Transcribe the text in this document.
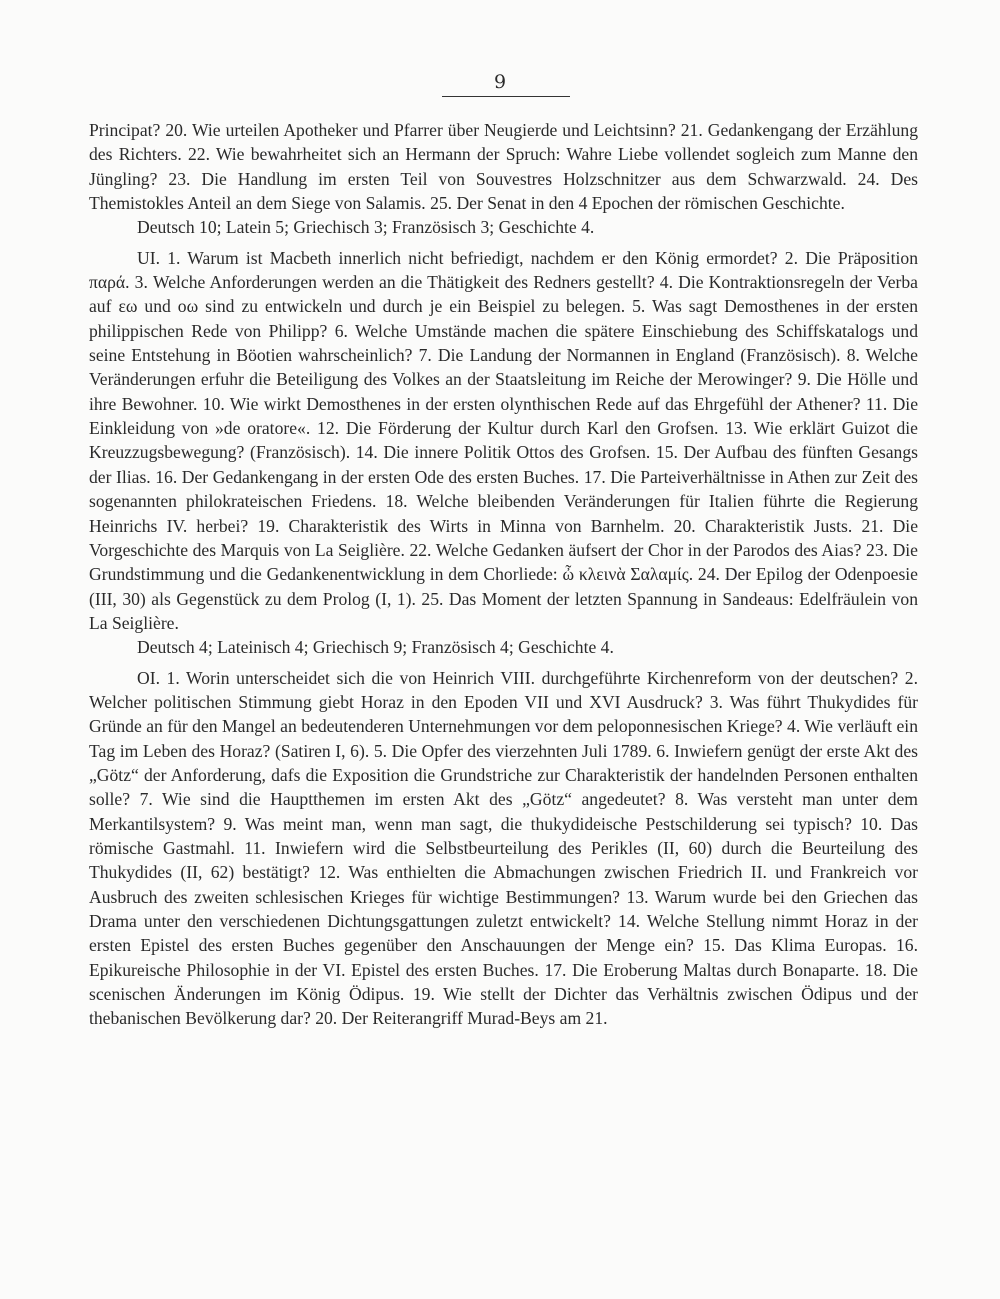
9

Principat? 20. Wie urteilen Apotheker und Pfarrer über Neugierde und Leichtsinn? 21. Gedankengang der Erzählung des Richters. 22. Wie bewahrheitet sich an Hermann der Spruch: Wahre Liebe vollendet sogleich zum Manne den Jüngling? 23. Die Handlung im ersten Teil von Souvestres Holzschnitzer aus dem Schwarzwald. 24. Des Themistokles Anteil an dem Siege von Salamis. 25. Der Senat in den 4 Epochen der römischen Geschichte.

Deutsch 10; Latein 5; Griechisch 3; Französisch 3; Geschichte 4.

UI. 1. Warum ist Macbeth innerlich nicht befriedigt, nachdem er den König ermordet? 2. Die Präposition παρά. 3. Welche Anforderungen werden an die Thätigkeit des Redners gestellt? 4. Die Kontraktionsregeln der Verba auf εω und οω sind zu entwickeln und durch je ein Beispiel zu belegen. 5. Was sagt Demosthenes in der ersten philippischen Rede von Philipp? 6. Welche Umstände machen die spätere Einschiebung des Schiffskatalogs und seine Entstehung in Böotien wahrscheinlich? 7. Die Landung der Normannen in England (Französisch). 8. Welche Veränderungen erfuhr die Beteiligung des Volkes an der Staatsleitung im Reiche der Merowinger? 9. Die Hölle und ihre Bewohner. 10. Wie wirkt Demosthenes in der ersten olynthischen Rede auf das Ehrgefühl der Athener? 11. Die Einkleidung von »de oratore«. 12. Die Förderung der Kultur durch Karl den Grofsen. 13. Wie erklärt Guizot die Kreuzzugsbewegung? (Französisch). 14. Die innere Politik Ottos des Grofsen. 15. Der Aufbau des fünften Gesangs der Ilias. 16. Der Gedankengang in der ersten Ode des ersten Buches. 17. Die Parteiverhältnisse in Athen zur Zeit des sogenannten philokrateischen Friedens. 18. Welche bleibenden Veränderungen für Italien führte die Regierung Heinrichs IV. herbei? 19. Charakteristik des Wirts in Minna von Barnhelm. 20. Charakteristik Justs. 21. Die Vorgeschichte des Marquis von La Seiglière. 22. Welche Gedanken äufsert der Chor in der Parodos des Aias? 23. Die Grundstimmung und die Gedankenentwicklung in dem Chorliede: ὦ κλεινὰ Σαλαμίς. 24. Der Epilog der Odenpoesie (III, 30) als Gegenstück zu dem Prolog (I, 1). 25. Das Moment der letzten Spannung in Sandeaus: Edelfräulein von La Seiglière.

Deutsch 4; Lateinisch 4; Griechisch 9; Französisch 4; Geschichte 4.

OI. 1. Worin unterscheidet sich die von Heinrich VIII. durchgeführte Kirchenreform von der deutschen? 2. Welcher politischen Stimmung giebt Horaz in den Epoden VII und XVI Ausdruck? 3. Was führt Thukydides für Gründe an für den Mangel an bedeutenderen Unternehmungen vor dem peloponnesischen Kriege? 4. Wie verläuft ein Tag im Leben des Horaz? (Satiren I, 6). 5. Die Opfer des vierzehnten Juli 1789. 6. Inwiefern genügt der erste Akt des „Götz“ der Anforderung, dafs die Exposition die Grundstriche zur Charakteristik der handelnden Personen enthalten solle? 7. Wie sind die Hauptthemen im ersten Akt des „Götz“ angedeutet? 8. Was versteht man unter dem Merkantilsystem? 9. Was meint man, wenn man sagt, die thukydideische Pestschilderung sei typisch? 10. Das römische Gastmahl. 11. Inwiefern wird die Selbstbeurteilung des Perikles (II, 60) durch die Beurteilung des Thukydides (II, 62) bestätigt? 12. Was enthielten die Abmachungen zwischen Friedrich II. und Frankreich vor Ausbruch des zweiten schlesischen Krieges für wichtige Bestimmungen? 13. Warum wurde bei den Griechen das Drama unter den verschiedenen Dichtungsgattungen zuletzt entwickelt? 14. Welche Stellung nimmt Horaz in der ersten Epistel des ersten Buches gegenüber den Anschauungen der Menge ein? 15. Das Klima Europas. 16. Epikureische Philosophie in der VI. Epistel des ersten Buches. 17. Die Eroberung Maltas durch Bonaparte. 18. Die scenischen Änderungen im König Ödipus. 19. Wie stellt der Dichter das Verhältnis zwischen Ödipus und der thebanischen Bevölkerung dar? 20. Der Reiterangriff Murad-Beys am 21.
